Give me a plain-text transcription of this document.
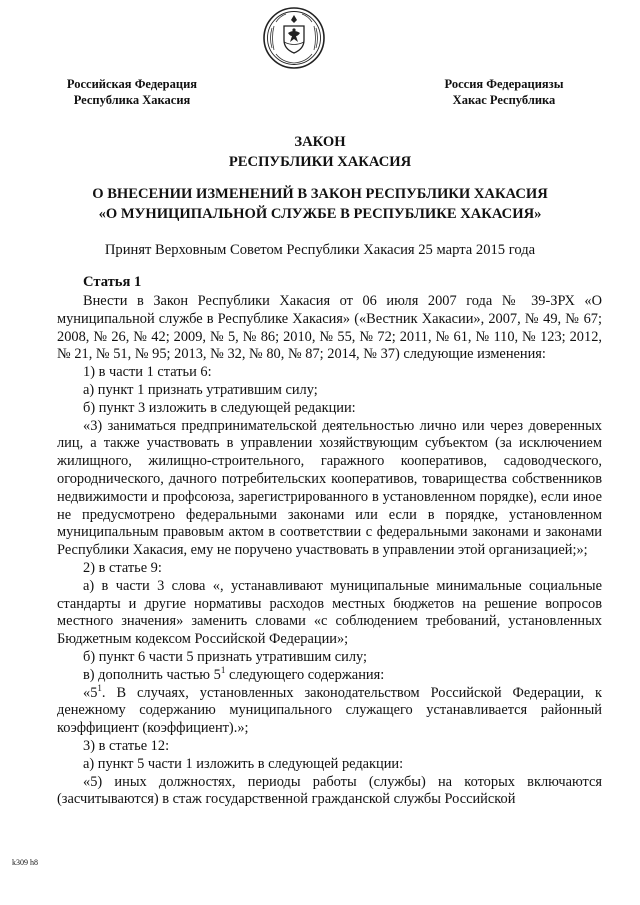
Российская Федерация
Республика Хакасия
Россия Федерациязы
Хакас Республика
ЗАКОН
РЕСПУБЛИКИ ХАКАСИЯ
О ВНЕСЕНИИ ИЗМЕНЕНИЙ В ЗАКОН РЕСПУБЛИКИ ХАКАСИЯ
«О МУНИЦИПАЛЬНОЙ СЛУЖБЕ В РЕСПУБЛИКЕ ХАКАСИЯ»
Принят Верховным Советом Республики Хакасия 25 марта 2015 года
Статья 1

Внести в Закон Республики Хакасия от 06 июля 2007 года № 39-ЗРХ «О муниципальной службе в Республике Хакасия» («Вестник Хакасии», 2007, № 49, № 67; 2008, № 26, № 42; 2009, № 5, № 86; 2010, № 55, № 72; 2011, № 61, № 110, № 123; 2012, № 21, № 51, № 95; 2013, № 32, № 80, № 87; 2014, № 37) следующие изменения:

1) в части 1 статьи 6:

а) пункт 1 признать утратившим силу;

б) пункт 3 изложить в следующей редакции:

«3) заниматься предпринимательской деятельностью лично или через доверенных лиц, а также участвовать в управлении хозяйствующим субъектом (за исключением жилищного, жилищно-строительного, гаражного кооперативов, садоводческого, огороднического, дачного потребительских кооперативов, товарищества собственников недвижимости и профсоюза, зарегистрированного в установленном порядке), если иное не предусмотрено федеральными законами или если в порядке, установленном муниципальным правовым актом в соответствии с федеральными законами и законами Республики Хакасия, ему не поручено участвовать в управлении этой организацией;»;

2) в статье 9:

а) в части 3 слова «, устанавливают муниципальные минимальные социальные стандарты и другие нормативы расходов местных бюджетов на решение вопросов местного значения» заменить словами «с соблюдением требований, установленных Бюджетным кодексом Российской Федерации»;

б) пункт 6 части 5 признать утратившим силу;

в) дополнить частью $5^1$ следующего содержания:

«$5^1$. В случаях, установленных законодательством Российской Федерации, к денежному содержанию муниципального служащего устанавливается районный коэффициент (коэффициент).»;

3) в статье 12:

а) пункт 5 части 1 изложить в следующей редакции:

«5) иных должностях, периоды работы (службы) на которых включаются (засчитываются) в стаж государственной гражданской службы Российской

k309 h8
